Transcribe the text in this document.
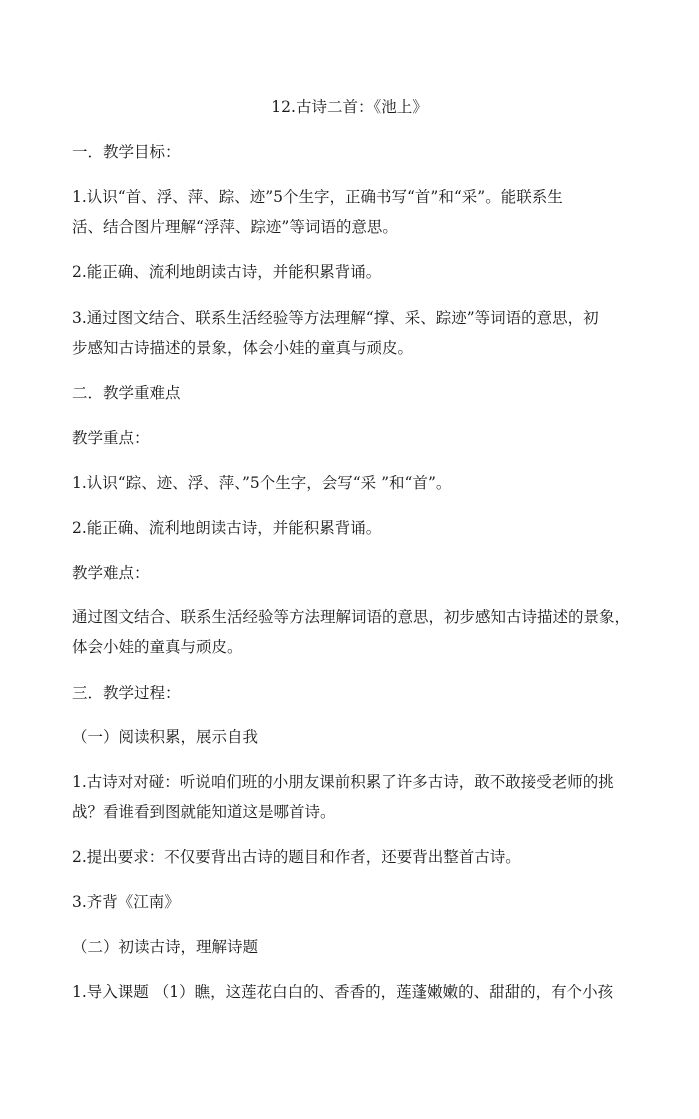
12.古诗二首：《池上》
一．教学目标：
1.认识“首、浮、萍、踪、迹”5个生字，正确书写“首”和“采”。能联系生
活、结合图片理解“浮萍、踪迹”等词语的意思。
2.能正确、流利地朗读古诗，并能积累背诵。
3.通过图文结合、联系生活经验等方法理解“撑、采、踪迹”等词语的意思，初
步感知古诗描述的景象，体会小娃的童真与顽皮。
二．教学重难点
教学重点：
1.认识“踪、迹、浮、萍、”5个生字，会写“采 ”和“首”。
2.能正确、流利地朗读古诗，并能积累背诵。
教学难点：
通过图文结合、联系生活经验等方法理解词语的意思，初步感知古诗描述的景象，
体会小娃的童真与顽皮。
三．教学过程：
（一）阅读积累，展示自我
1.古诗对对碰：听说咱们班的小朋友课前积累了许多古诗，敢不敢接受老师的挑
战？看谁看到图就能知道这是哪首诗。
2.提出要求：不仅要背出古诗的题目和作者，还要背出整首古诗。
3.齐背《江南》
（二）初读古诗，理解诗题
1.导入课题 （1）瞧，这莲花白白的、香香的，莲蓬嫩嫩的、甜甜的，有个小孩
